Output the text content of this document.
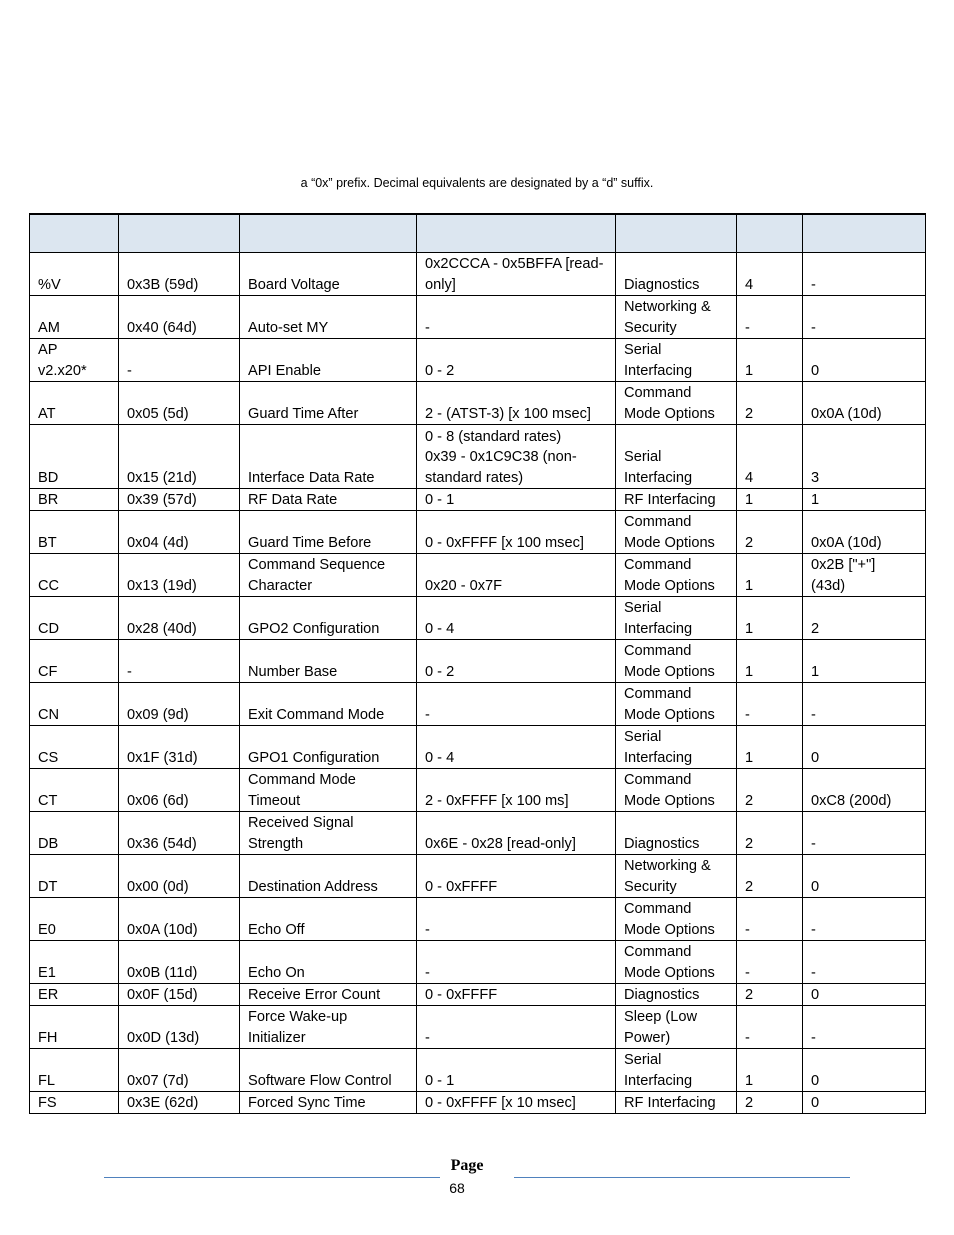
a “0x” prefix. Decimal equivalents are designated by a “d” suffix.

%V	0x3B (59d)	Board Voltage	0x2CCCA - 0x5BFFA [read-
only]	Diagnostics	4	-
AM	0x40 (64d)	Auto-set MY	-	Networking &
Security	-	-
AP
v2.x20*	-	API Enable	0 - 2	Serial
Interfacing	1	0
AT	0x05 (5d)	Guard Time After	2 - (ATST-3) [x 100 msec]	Command
Mode Options	2	0x0A (10d)
BD	0x15 (21d)	Interface Data Rate	0 - 8 (standard rates)
0x39 - 0x1C9C38 (non-
standard rates)	Serial
Interfacing	4	3
BR	0x39 (57d)	RF Data Rate	0 - 1	RF Interfacing	1	1
BT	0x04 (4d)	Guard Time Before	0 - 0xFFFF [x 100 msec]	Command
Mode Options	2	0x0A (10d)
CC	0x13 (19d)	Command Sequence
Character	0x20 - 0x7F	Command
Mode Options	1	0x2B ["+"]
(43d)
CD	0x28 (40d)	GPO2 Configuration	0 - 4	Serial
Interfacing	1	2
CF	-	Number Base	0 - 2	Command
Mode Options	1	1
CN	0x09 (9d)	Exit Command Mode	-	Command
Mode Options	-	-
CS	0x1F (31d)	GPO1 Configuration	0 - 4	Serial
Interfacing	1	0
CT	0x06 (6d)	Command Mode
Timeout	2 - 0xFFFF [x 100 ms]	Command
Mode Options	2	0xC8 (200d)
DB	0x36 (54d)	Received Signal
Strength	0x6E - 0x28 [read-only]	Diagnostics	2	-
DT	0x00 (0d)	Destination Address	0 - 0xFFFF	Networking &
Security	2	0
E0	0x0A (10d)	Echo Off	-	Command
Mode Options	-	-
E1	0x0B (11d)	Echo On	-	Command
Mode Options	-	-
ER	0x0F (15d)	Receive Error Count	0 - 0xFFFF	Diagnostics	2	0
FH	0x0D (13d)	Force Wake-up
Initializer	-	Sleep (Low
Power)	-	-
FL	0x07 (7d)	Software Flow Control	0 - 1	Serial
Interfacing	1	0
FS	0x3E (62d)	Forced Sync Time	0 - 0xFFFF [x 10 msec]	RF Interfacing	2	0
Page
68
